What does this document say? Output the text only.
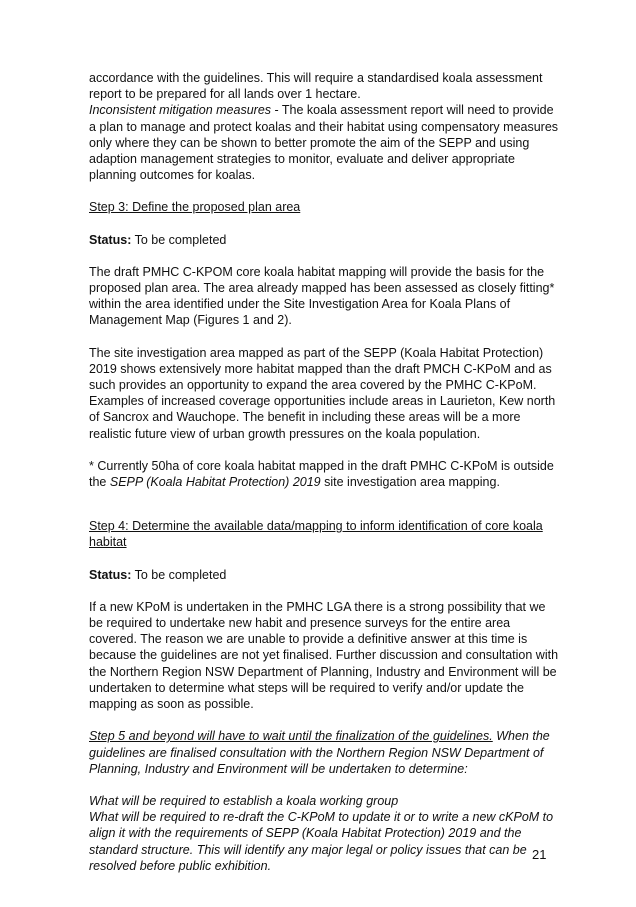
accordance with the guidelines. This will require a standardised koala assessment report to be prepared for all lands over 1 hectare.
Inconsistent mitigation measures - The koala assessment report will need to provide a plan to manage and protect koalas and their habitat using compensatory measures only where they can be shown to better promote the aim of the SEPP and using adaption management strategies to monitor, evaluate and deliver appropriate planning outcomes for koalas.

Step 3: Define the proposed plan area

Status: To be completed

The draft PMHC C-KPOM core koala habitat mapping will provide the basis for the proposed plan area. The area already mapped has been assessed as closely fitting* within the area identified under the Site Investigation Area for Koala Plans of Management Map (Figures 1 and 2).

The site investigation area mapped as part of the SEPP (Koala Habitat Protection) 2019 shows extensively more habitat mapped than the draft PMCH C-KPoM and as such provides an opportunity to expand the area covered by the PMHC C-KPoM. Examples of increased coverage opportunities include areas in Laurieton, Kew north of Sancrox and Wauchope. The benefit in including these areas will be a more realistic future view of urban growth pressures on the koala population.

* Currently 50ha of core koala habitat mapped in the draft PMHC C-KPoM is outside the SEPP (Koala Habitat Protection) 2019 site investigation area mapping.

Step 4: Determine the available data/mapping to inform identification of core koala habitat

Status: To be completed

If a new KPoM is undertaken in the PMHC LGA there is a strong possibility that we be required to undertake new habit and presence surveys for the entire area covered. The reason we are unable to provide a definitive answer at this time is because the guidelines are not yet finalised. Further discussion and consultation with the Northern Region NSW Department of Planning, Industry and Environment will be undertaken to determine what steps will be required to verify and/or update the mapping as soon as possible.

Step 5 and beyond will have to wait until the finalization of the guidelines. When the guidelines are finalised consultation with the Northern Region NSW Department of Planning, Industry and Environment will be undertaken to determine:

What will be required to establish a koala working group

What will be required to re-draft the C-KPoM to update it or to write a new cKPoM to align it with the requirements of SEPP (Koala Habitat Protection) 2019 and the standard structure. This will identify any major legal or policy issues that can be resolved before public exhibition.

21
